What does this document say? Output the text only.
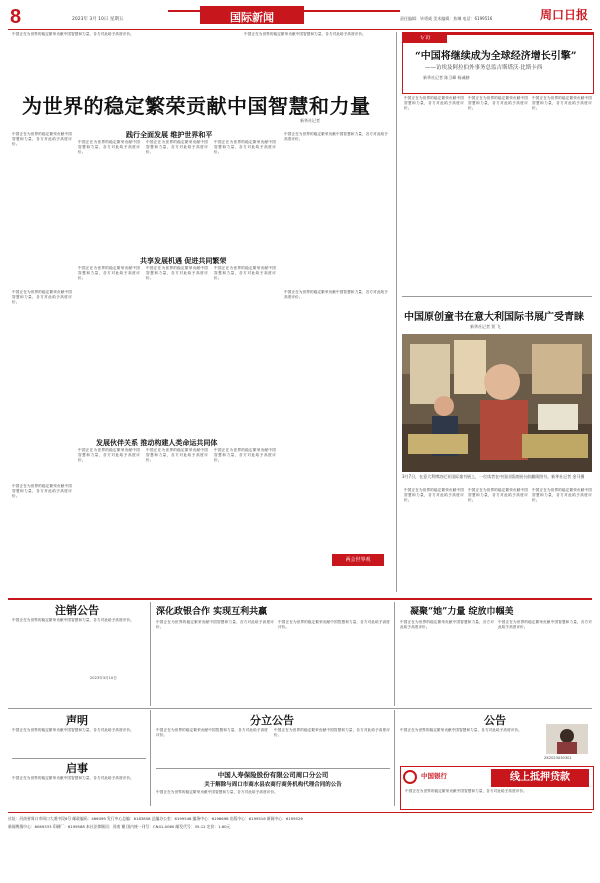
8	2023年 3月 10日 星期五	国际新闻	责任编辑：毕勇威 美术编辑：焦琳 电话：6199516	周口日报
中国正在为世界的稳定繁荣贡献中国智慧和力量，各方对此给予高度评价。	中国正在为世界的稳定繁荣贡献中国智慧和力量，各方对此给予高度评价。
为世界的稳定繁荣贡献中国智慧和力量
新华社记者
中国正在为世界的稳定繁荣贡献中国智慧和力量，各方对此给予高度评价。
践行全面发展 维护世界和平
中国正在为世界的稳定繁荣贡献中国智慧和力量，各方对此给予高度评价。
中国正在为世界的稳定繁荣贡献中国智慧和力量，各方对此给予高度评价。
中国正在为世界的稳定繁荣贡献中国智慧和力量，各方对此给予高度评价。
中国正在为世界的稳定繁荣贡献中国智慧和力量，各方对此给予高度评价。
共享发展机遇 促进共同繁荣
中国正在为世界的稳定繁荣贡献中国智慧和力量，各方对此给予高度评价。
中国正在为世界的稳定繁荣贡献中国智慧和力量，各方对此给予高度评价。
中国正在为世界的稳定繁荣贡献中国智慧和力量，各方对此给予高度评价。
中国正在为世界的稳定繁荣贡献中国智慧和力量，各方对此给予高度评价。
中国正在为世界的稳定繁荣贡献中国智慧和力量，各方对此给予高度评价。
发展伙伴关系 推动构建人类命运共同体
中国正在为世界的稳定繁荣贡献中国智慧和力量，各方对此给予高度评价。
中国正在为世界的稳定繁荣贡献中国智慧和力量，各方对此给予高度评价。
中国正在为世界的稳定繁荣贡献中国智慧和力量，各方对此给予高度评价。
中国正在为世界的稳定繁荣贡献中国智慧和力量，各方对此给予高度评价。
两会世界观
专访
“中国将继续成为全球经济增长引擎”
——访埃及阿拉伯外事务总监吉斯塔沃·比斯卡西
新华社记者 陈卫峰 杨诚赫
中国正在为世界的稳定繁荣贡献中国智慧和力量，各方对此给予高度评价。
中国正在为世界的稳定繁荣贡献中国智慧和力量，各方对此给予高度评价。
中国正在为世界的稳定繁荣贡献中国智慧和力量，各方对此给予高度评价。
中国原创童书在意大利国际书展广受青睐
新华社记者 贾 飞
3月7日，在意大利博洛尼亚国际童书展上，一位读者在中国出版商展台前翻阅图书。新华社记者 金马摄
中国正在为世界的稳定繁荣贡献中国智慧和力量，各方对此给予高度评价。
中国正在为世界的稳定繁荣贡献中国智慧和力量，各方对此给予高度评价。
中国正在为世界的稳定繁荣贡献中国智慧和力量，各方对此给予高度评价。
注销公告
中国正在为世界的稳定繁荣贡献中国智慧和力量，各方对此给予高度评价。
2023年3月10日
深化政银合作 实现互利共赢
中国正在为世界的稳定繁荣贡献中国智慧和力量，各方对此给予高度评价。
中国正在为世界的稳定繁荣贡献中国智慧和力量，各方对此给予高度评价。
凝聚“她”力量 绽放巾帼美
中国正在为世界的稳定繁荣贡献中国智慧和力量，各方对此给予高度评价。
中国正在为世界的稳定繁荣贡献中国智慧和力量，各方对此给予高度评价。
声明
中国正在为世界的稳定繁荣贡献中国智慧和力量，各方对此给予高度评价。
启事
中国正在为世界的稳定繁荣贡献中国智慧和力量，各方对此给予高度评价。
分立公告
中国正在为世界的稳定繁荣贡献中国智慧和力量，各方对此给予高度评价。
中国正在为世界的稳定繁荣贡献中国智慧和力量，各方对此给予高度评价。
中国人寿保险股份有限公司周口分公司
关于解除与周口市商水县农商行商务机构代理合同的公告
中国正在为世界的稳定繁荣贡献中国智慧和力量，各方对此给予高度评价。
公告
中国正在为世界的稳定繁荣贡献中国智慧和力量，各方对此给予高度评价。
ZK2023030301
中国银行	线上抵押贷款
中国正在为世界的稳定繁荣贡献中国智慧和力量，各方对此给予高度评价。
社址：河南省周口市周口大道中段6号 邮政编码：466099 发行中心总编：6183858 总编办公室：6199548 编务中心：6196698 出版中心：6199516 新闻中心：6199526
新闻舆情中心：6069333 印刷厂：6199588 本社法律顾问：河南 谢 国内统一刊号：CN41-0060 邮发代号：35-12 定价：1.60元
